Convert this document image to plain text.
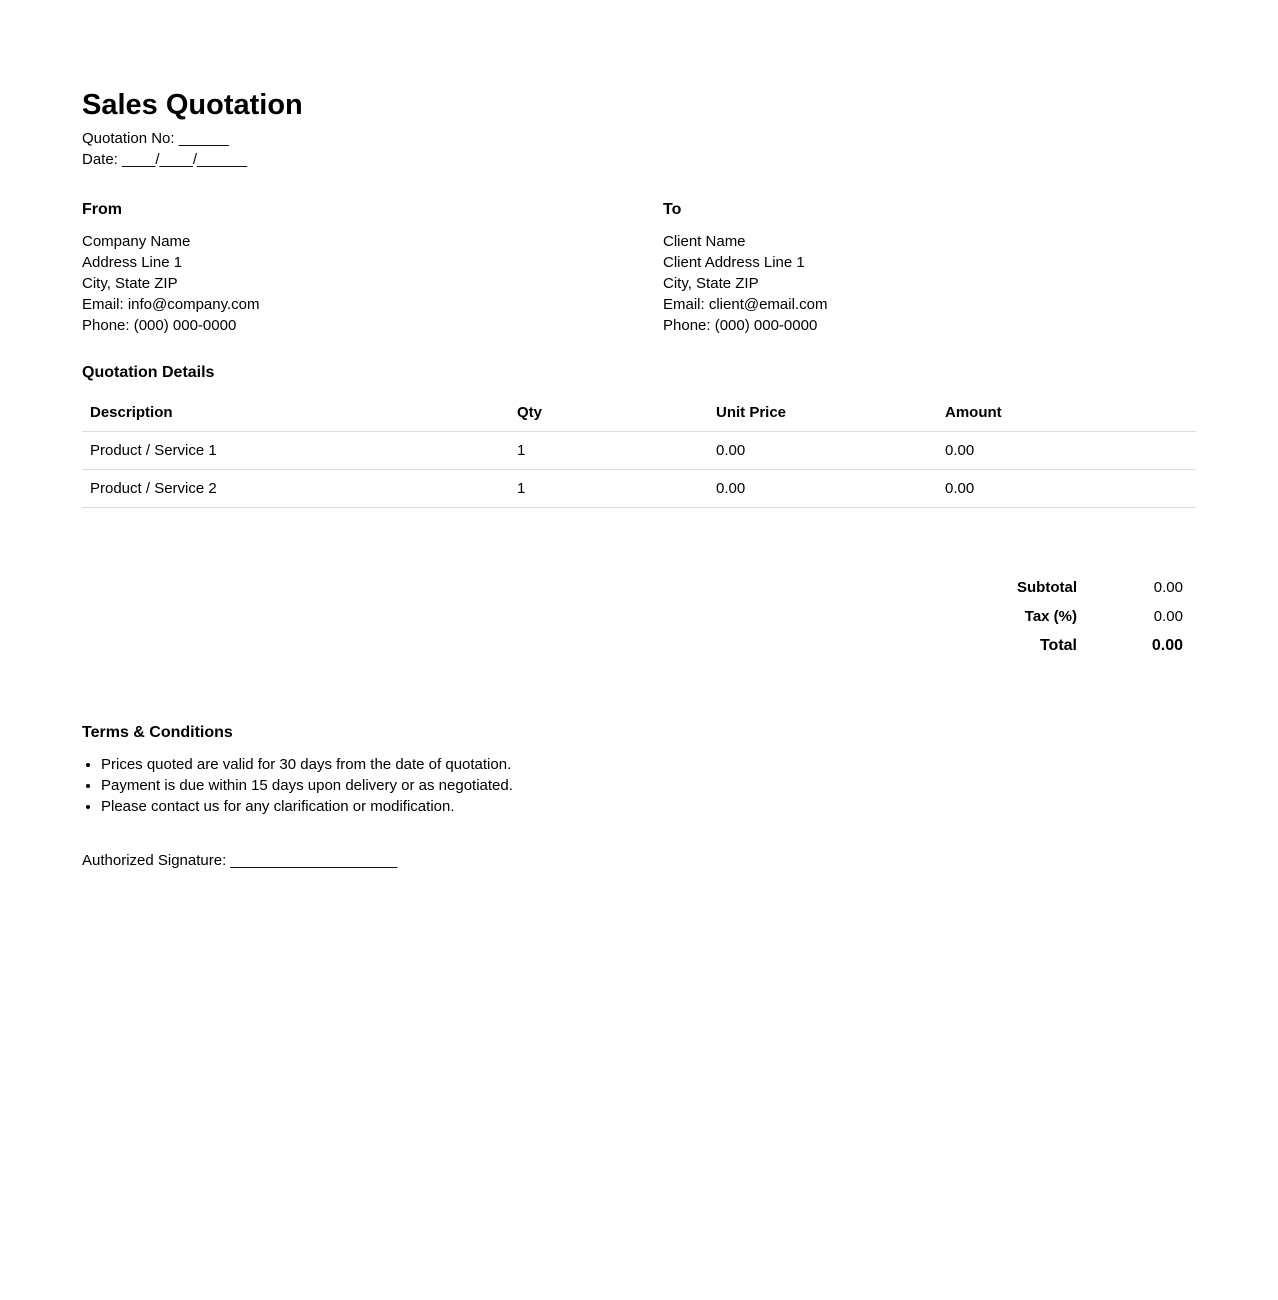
Sales Quotation
Quotation No: ______
Date: ____/____/______
From
Company Name
Address Line 1
City, State ZIP
Email: info@company.com
Phone: (000) 000-0000
To
Client Name
Client Address Line 1
City, State ZIP
Email: client@email.com
Phone: (000) 000-0000
Quotation Details
Description	Qty	Unit Price	Amount
Product / Service 1	1	0.00	0.00
Product / Service 2	1	0.00	0.00
Subtotal	0.00
Tax (%)	0.00
Total	0.00
Terms & Conditions
• Prices quoted are valid for 30 days from the date of quotation.
• Payment is due within 15 days upon delivery or as negotiated.
• Please contact us for any clarification or modification.
Authorized Signature: ____________________
